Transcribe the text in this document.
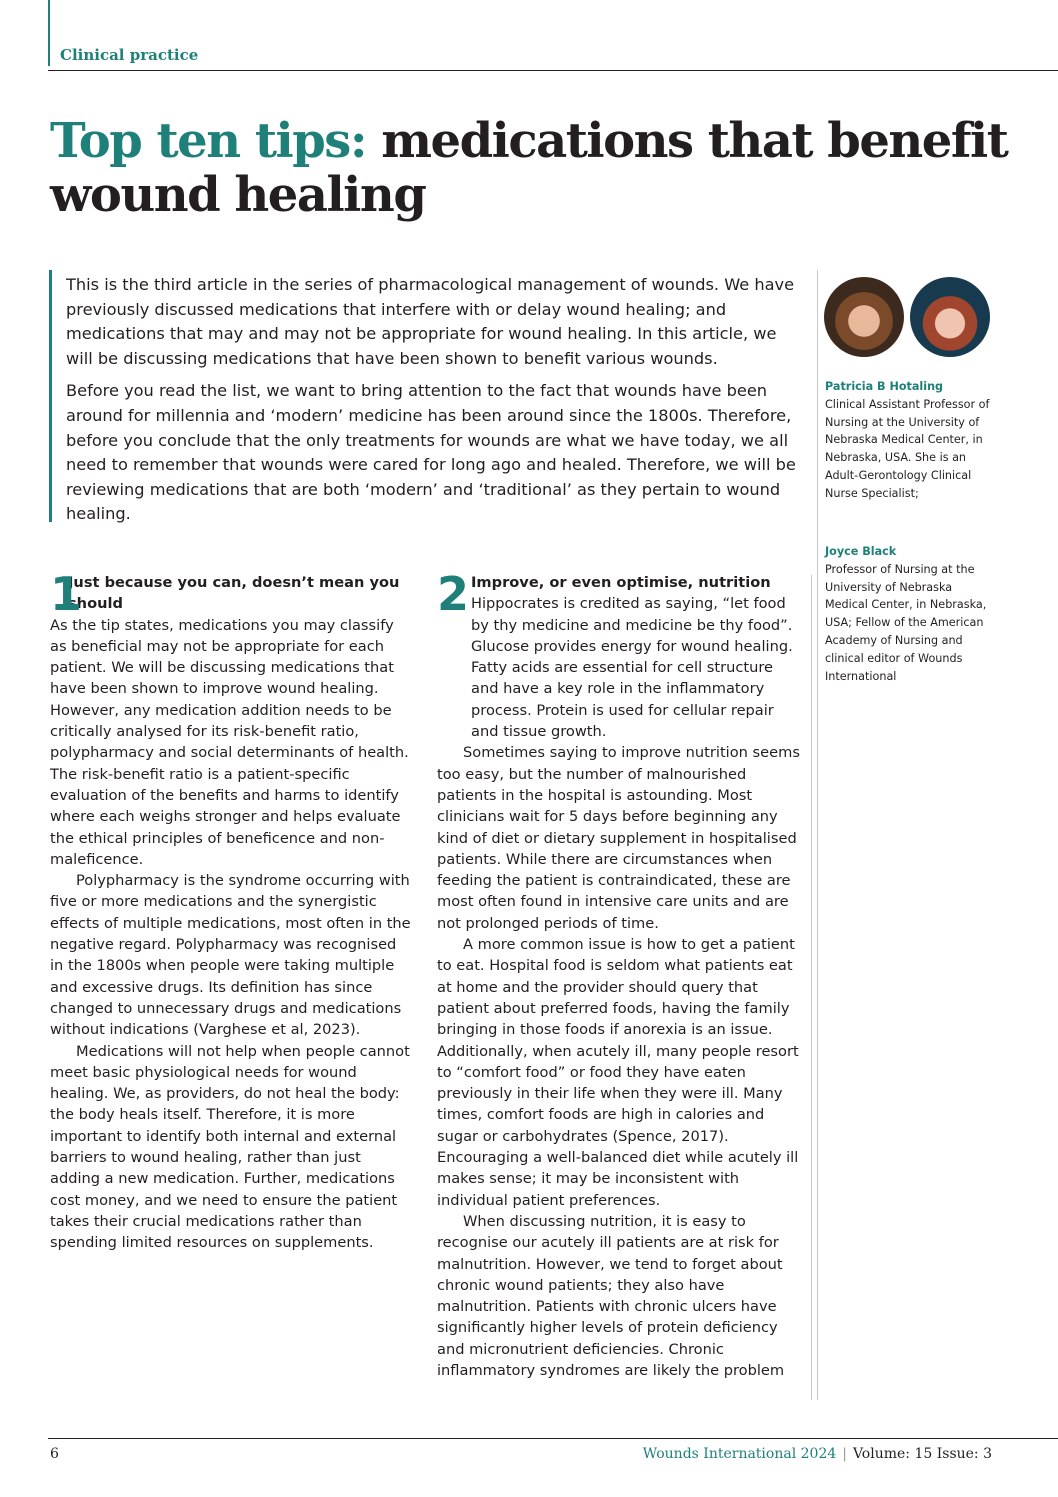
Clinical practice
Top ten tips: medications that benefit wound healing

This is the third article in the series of pharmacological management of wounds. We have previously discussed medications that interfere with or delay wound healing; and medications that may and may not be appropriate for wound healing. In this article, we will be discussing medications that have been shown to benefit various wounds.

Before you read the list, we want to bring attention to the fact that wounds have been around for millennia and ‘modern’ medicine has been around since the 1800s. Therefore, before you conclude that the only treatments for wounds are what we have today, we all need to remember that wounds were cared for long ago and healed. Therefore, we will be reviewing medications that are both ‘modern’ and ‘traditional’ as they pertain to wound healing.

Patricia B Hotaling
Clinical Assistant Professor of Nursing at the University of Nebraska Medical Center, in Nebraska, USA. She is an Adult-Gerontology Clinical Nurse Specialist;
Joyce Black
Professor of Nursing at the University of Nebraska Medical Center, in Nebraska, USA; Fellow of the American Academy of Nursing and clinical editor of Wounds International
1
Just because you can, doesn’t mean you should

As the tip states, medications you may classify as beneficial may not be appropriate for each patient. We will be discussing medications that have been shown to improve wound healing. However, any medication addition needs to be critically analysed for its risk-benefit ratio, polypharmacy and social determinants of health. The risk-benefit ratio is a patient-specific evaluation of the benefits and harms to identify where each weighs stronger and helps evaluate the ethical principles of beneficence and non-maleficence.

Polypharmacy is the syndrome occurring with five or more medications and the synergistic effects of multiple medications, most often in the negative regard. Polypharmacy was recognised in the 1800s when people were taking multiple and excessive drugs. Its definition has since changed to unnecessary drugs and medications without indications (Varghese et al, 2023).

Medications will not help when people cannot meet basic physiological needs for wound healing. We, as providers, do not heal the body: the body heals itself. Therefore, it is more important to identify both internal and external barriers to wound healing, rather than just adding a new medication. Further, medications cost money, and we need to ensure the patient takes their crucial medications rather than spending limited resources on supplements.

2 Improve, or even optimise, nutrition
Hippocrates is credited as saying, “let food by thy medicine and medicine be thy food”. Glucose provides energy for wound healing. Fatty acids are essential for cell structure and have a key role in the inflammatory process. Protein is used for cellular repair and tissue growth.

Sometimes saying to improve nutrition seems too easy, but the number of malnourished patients in the hospital is astounding. Most clinicians wait for 5 days before beginning any kind of diet or dietary supplement in hospitalised patients. While there are circumstances when feeding the patient is contraindicated, these are most often found in intensive care units and are not prolonged periods of time.

A more common issue is how to get a patient to eat. Hospital food is seldom what patients eat at home and the provider should query that patient about preferred foods, having the family bringing in those foods if anorexia is an issue. Additionally, when acutely ill, many people resort to “comfort food” or food they have eaten previously in their life when they were ill. Many times, comfort foods are high in calories and sugar or carbohydrates (Spence, 2017). Encouraging a well-balanced diet while acutely ill makes sense; it may be inconsistent with individual patient preferences.

When discussing nutrition, it is easy to recognise our acutely ill patients are at risk for malnutrition. However, we tend to forget about chronic wound patients; they also have malnutrition. Patients with chronic ulcers have significantly higher levels of protein deficiency and micronutrient deficiencies. Chronic inflammatory syndromes are likely the problem

6	Wounds International 2024 | Volume: 15 Issue: 3
